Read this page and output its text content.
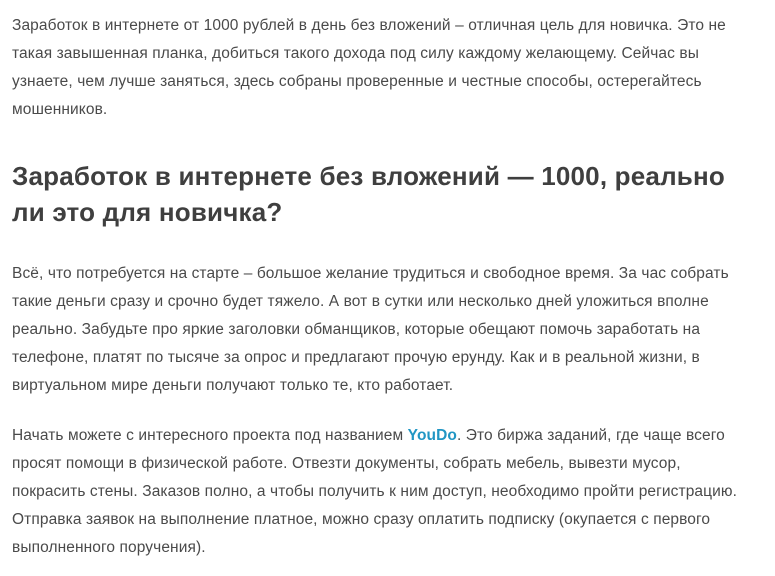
Заработок в интернете от 1000 рублей в день без вложений – отличная цель для новичка. Это не такая завышенная планка, добиться такого дохода под силу каждому желающему. Сейчас вы узнаете, чем лучше заняться, здесь собраны проверенные и честные способы, остерегайтесь мошенников.

Заработок в интернете без вложений — 1000, реально ли это для новичка?

Всё, что потребуется на старте – большое желание трудиться и свободное время. За час собрать такие деньги сразу и срочно будет тяжело. А вот в сутки или несколько дней уложиться вполне реально. Забудьте про яркие заголовки обманщиков, которые обещают помочь заработать на телефоне, платят по тысяче за опрос и предлагают прочую ерунду. Как и в реальной жизни, в виртуальном мире деньги получают только те, кто работает.

Начать можете с интересного проекта под названием YouDo. Это биржа заданий, где чаще всего просят помощи в физической работе. Отвезти документы, собрать мебель, вывезти мусор, покрасить стены. Заказов полно, а чтобы получить к ним доступ, необходимо пройти регистрацию. Отправка заявок на выполнение платное, можно сразу оплатить подписку (окупается с первого выполненного поручения).
